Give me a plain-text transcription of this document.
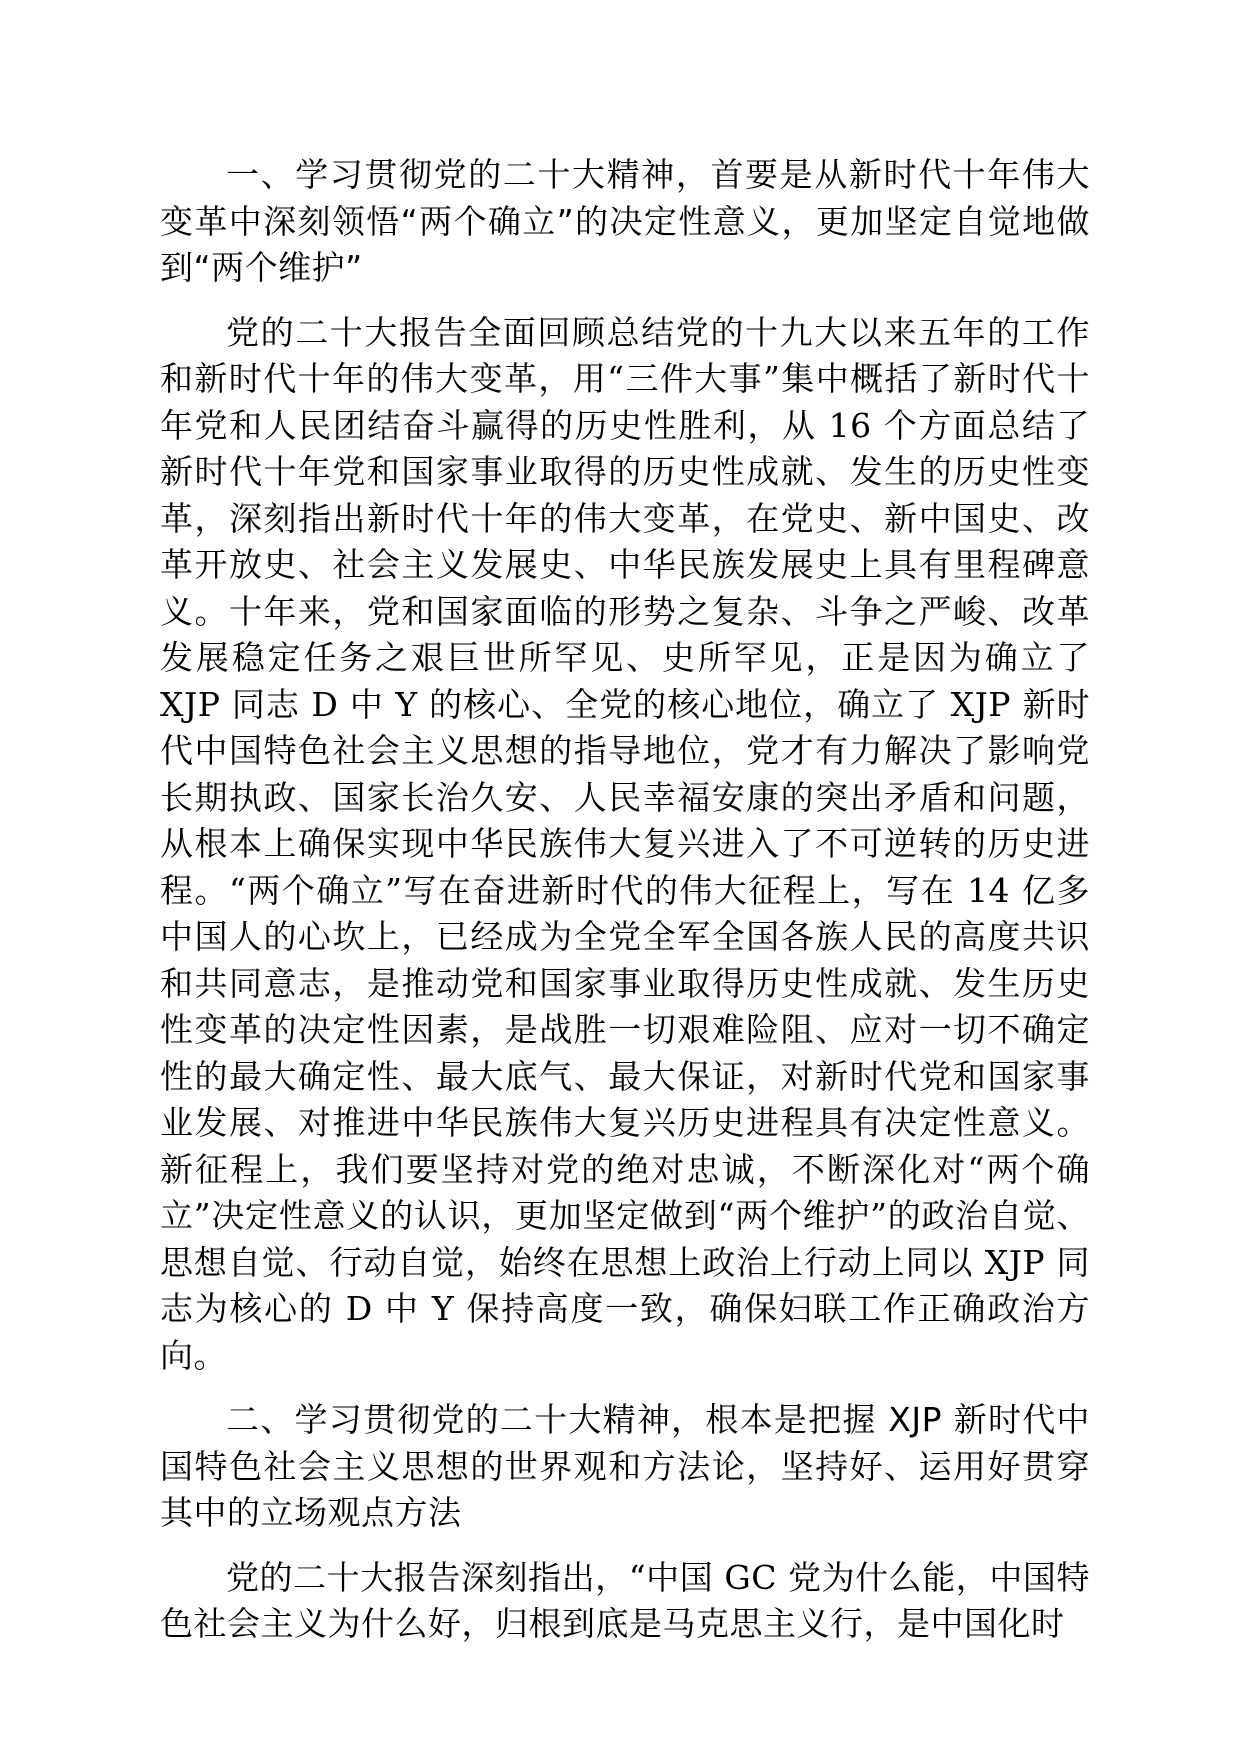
一、学习贯彻党的二十大精神，首要是从新时代十年伟大变革中深刻领悟“两个确立”的决定性意义，更加坚定自觉地做到“两个维护”

党的二十大报告全面回顾总结党的十九大以来五年的工作和新时代十年的伟大变革，用“三件大事”集中概括了新时代十年党和人民团结奋斗赢得的历史性胜利，从 16 个方面总结了新时代十年党和国家事业取得的历史性成就、发生的历史性变革，深刻指出新时代十年的伟大变革，在党史、新中国史、改革开放史、社会主义发展史、中华民族发展史上具有里程碑意义。十年来，党和国家面临的形势之复杂、斗争之严峻、改革发展稳定任务之艰巨世所罕见、史所罕见，正是因为确立了 XJP 同志 D 中 Y 的核心、全党的核心地位，确立了 XJP 新时代中国特色社会主义思想的指导地位，党才有力解决了影响党长期执政、国家长治久安、人民幸福安康的突出矛盾和问题，从根本上确保实现中华民族伟大复兴进入了不可逆转的历史进程。“两个确立”写在奋进新时代的伟大征程上，写在 14 亿多中国人的心坎上，已经成为全党全军全国各族人民的高度共识和共同意志，是推动党和国家事业取得历史性成就、发生历史性变革的决定性因素，是战胜一切艰难险阻、应对一切不确定性的最大确定性、最大底气、最大保证，对新时代党和国家事业发展、对推进中华民族伟大复兴历史进程具有决定性意义。新征程上，我们要坚持对党的绝对忠诚，不断深化对“两个确立”决定性意义的认识，更加坚定做到“两个维护”的政治自觉、思想自觉、行动自觉，始终在思想上政治上行动上同以 XJP 同志为核心的 D 中 Y 保持高度一致，确保妇联工作正确政治方向。

二、学习贯彻党的二十大精神，根本是把握 XJP 新时代中国特色社会主义思想的世界观和方法论，坚持好、运用好贯穿其中的立场观点方法

党的二十大报告深刻指出，“中国 GC 党为什么能，中国特色社会主义为什么好，归根到底是马克思主义行，是中国化时
